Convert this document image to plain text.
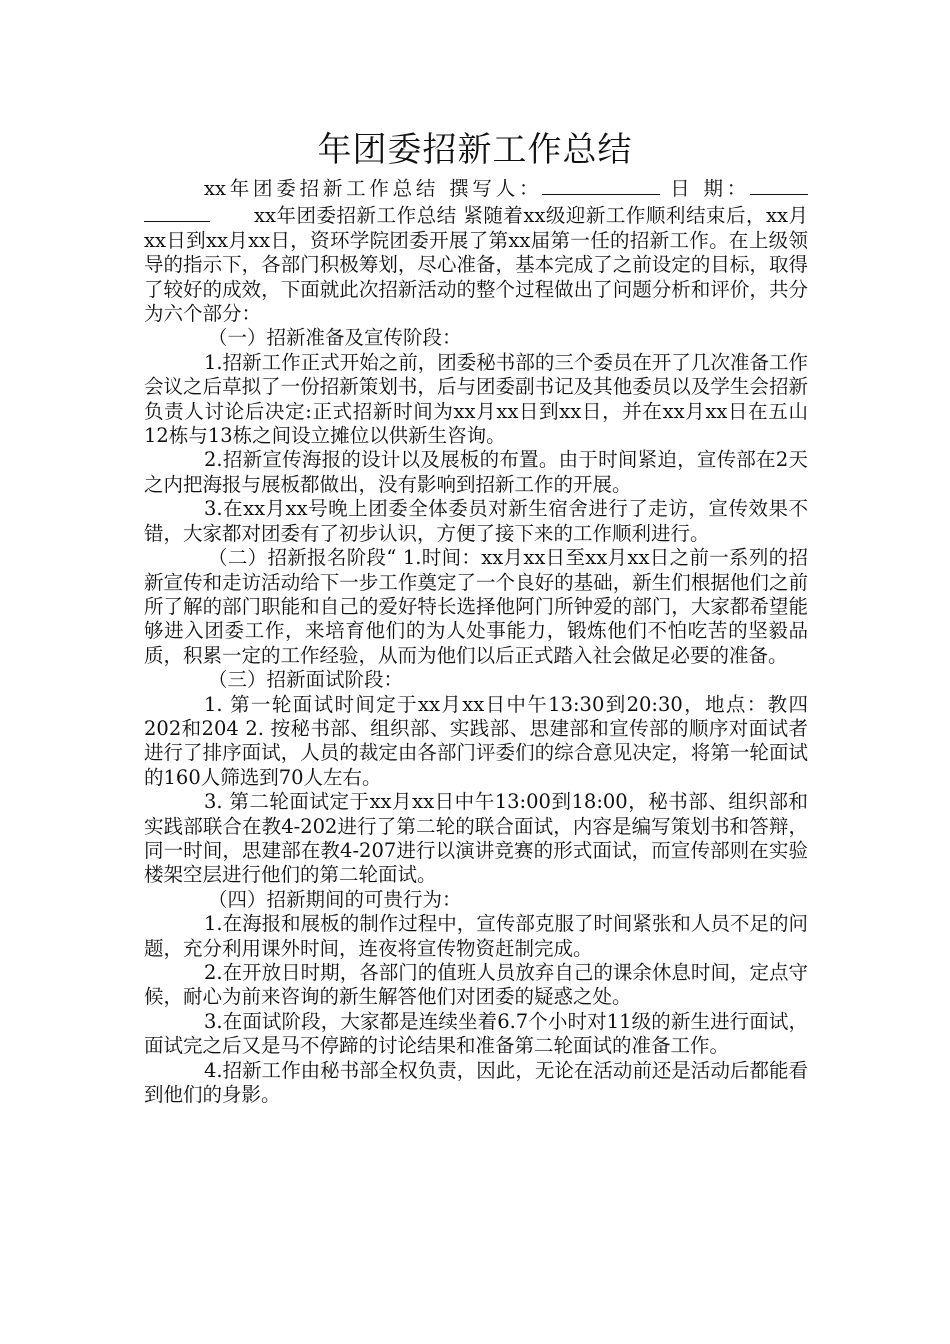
年团委招新工作总结

xx年团委招新工作总结 撰写人：	日 期：xx年团委招新工作总结 紧随着xx级迎新工作顺利结束后，xx月xx日到xx月xx日，资环学院团委开展了第xx届第一任的招新工作。在上级领导的指示下，各部门积极筹划，尽心准备，基本完成了之前设定的目标，取得了较好的成效，下面就此次招新活动的整个过程做出了问题分析和评价，共分为六个部分：

（一）招新准备及宣传阶段：

1.招新工作正式开始之前，团委秘书部的三个委员在开了几次准备工作会议之后草拟了一份招新策划书，后与团委副书记及其他委员以及学生会招新负责人讨论后决定:正式招新时间为xx月xx日到xx日，并在xx月xx日在五山12栋与13栋之间设立摊位以供新生咨询。

2.招新宣传海报的设计以及展板的布置。由于时间紧迫，宣传部在2天之内把海报与展板都做出，没有影响到招新工作的开展。

3.在xx月xx号晚上团委全体委员对新生宿舍进行了走访，宣传效果不错，大家都对团委有了初步认识，方便了接下来的工作顺利进行。

（二）招新报名阶段“ 1.时间：xx月xx日至xx月xx日之前一系列的招新宣传和走访活动给下一步工作奠定了一个良好的基础，新生们根据他们之前所了解的部门职能和自己的爱好特长选择他阿门所钟爱的部门，大家都希望能够进入团委工作，来培育他们的为人处事能力，锻炼他们不怕吃苦的坚毅品质，积累一定的工作经验，从而为他们以后正式踏入社会做足必要的准备。

（三）招新面试阶段：

1. 第一轮面试时间定于xx月xx日中午13:30到20:30，地点：教四202和204 2. 按秘书部、组织部、实践部、思建部和宣传部的顺序对面试者进行了排序面试，人员的裁定由各部门评委们的综合意见决定，将第一轮面试的160人筛选到70人左右。

3. 第二轮面试定于xx月xx日中午13:00到18:00，秘书部、组织部和实践部联合在教4-202进行了第二轮的联合面试，内容是编写策划书和答辩，同一时间，思建部在教4-207进行以演讲竞赛的形式面试，而宣传部则在实验楼架空层进行他们的第二轮面试。

（四）招新期间的可贵行为：

1.在海报和展板的制作过程中，宣传部克服了时间紧张和人员不足的问题，充分利用课外时间，连夜将宣传物资赶制完成。

2.在开放日时期，各部门的值班人员放弃自己的课余休息时间，定点守候，耐心为前来咨询的新生解答他们对团委的疑惑之处。

3.在面试阶段，大家都是连续坐着6.7个小时对11级的新生进行面试，面试完之后又是马不停蹄的讨论结果和准备第二轮面试的准备工作。

4.招新工作由秘书部全权负责，因此，无论在活动前还是活动后都能看到他们的身影。
